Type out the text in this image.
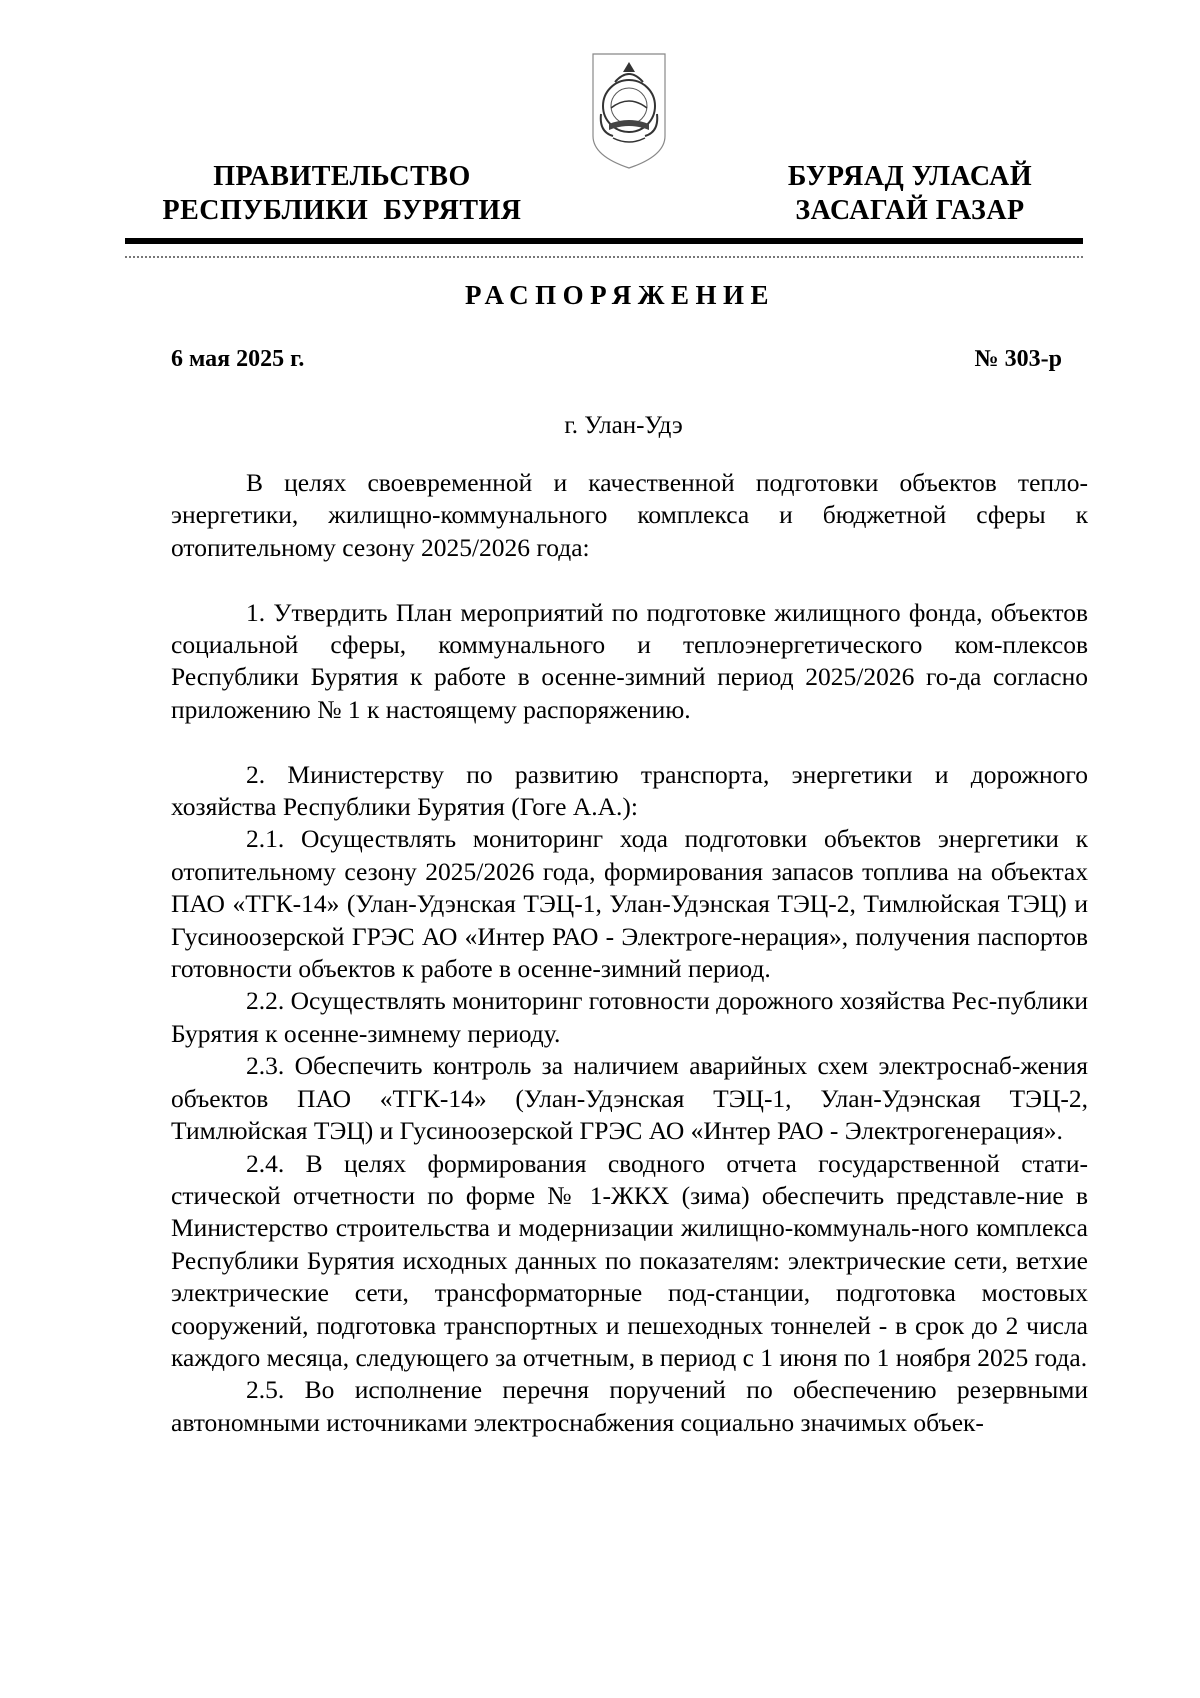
ПРАВИТЕЛЬСТВО
РЕСПУБЛИКИ  БУРЯТИЯ
БУРЯАД УЛАСАЙ
ЗАСАГАЙ ГАЗАР
РАСПОРЯЖЕНИЕ
6 мая 2025 г.	№ 303-р
г. Улан-Удэ
В целях своевременной и качественной подготовки объектов тепло-энергетики, жилищно-коммунального комплекса и бюджетной сферы к отопительному сезону 2025/2026 года:
1. Утвердить План мероприятий по подготовке жилищного фонда, объектов социальной сферы, коммунального и теплоэнергетического ком-плексов Республики Бурятия к работе в осенне-зимний период 2025/2026 го-да согласно приложению № 1 к настоящему распоряжению.
2. Министерству по развитию транспорта, энергетики и дорожного хозяйства Республики Бурятия (Гоге А.А.):
2.1. Осуществлять мониторинг хода подготовки объектов энергетики к отопительному сезону 2025/2026 года, формирования запасов топлива на объектах ПАО «ТГК-14» (Улан-Удэнская ТЭЦ-1, Улан-Удэнская ТЭЦ-2, Тимлюйская ТЭЦ) и Гусиноозерской ГРЭС АО «Интер РАО - Электроге-нерация», получения паспортов готовности объектов к работе в осенне-зимний период.
2.2. Осуществлять мониторинг готовности дорожного хозяйства Рес-публики Бурятия к осенне-зимнему периоду.
2.3. Обеспечить контроль за наличием аварийных схем электроснаб-жения объектов ПАО «ТГК-14» (Улан-Удэнская ТЭЦ-1, Улан-Удэнская ТЭЦ-2, Тимлюйская ТЭЦ) и Гусиноозерской ГРЭС АО «Интер РАО - Электрогенерация».
2.4. В целях формирования сводного отчета государственной стати-стической отчетности по форме № 1-ЖКХ (зима) обеспечить представле-ние в Министерство строительства и модернизации жилищно-коммуналь-ного комплекса Республики Бурятия исходных данных по показателям: электрические сети, ветхие электрические сети, трансформаторные под-станции, подготовка мостовых сооружений, подготовка транспортных и пешеходных тоннелей - в срок до 2 числа каждого месяца, следующего за отчетным, в период с 1 июня по 1 ноября 2025 года.
2.5. Во исполнение перечня поручений по обеспечению резервными автономными источниками электроснабжения социально значимых объек-
